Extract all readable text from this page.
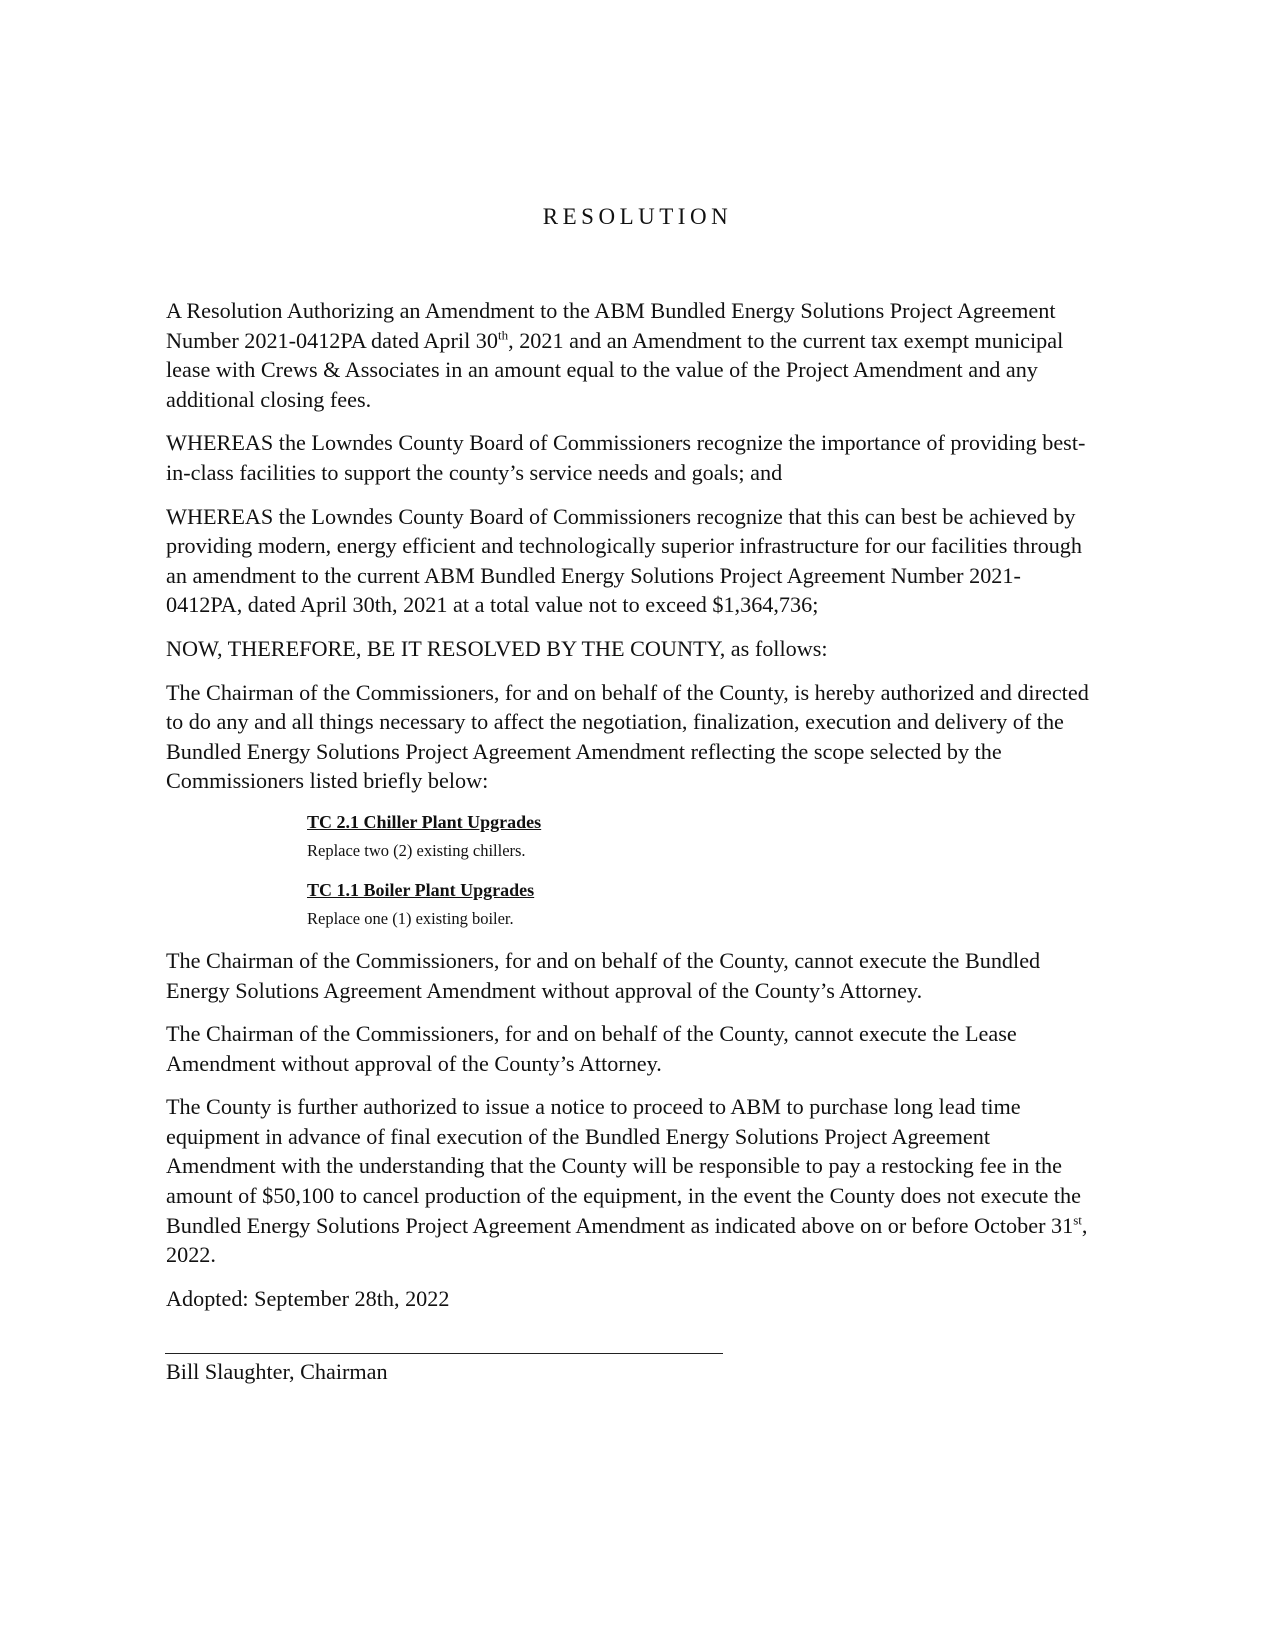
RESOLUTION

A Resolution Authorizing an Amendment to the ABM Bundled Energy Solutions Project Agreement Number 2021-0412PA dated April 30th, 2021 and an Amendment to the current tax exempt municipal lease with Crews & Associates in an amount equal to the value of the Project Amendment and any additional closing fees.

WHEREAS the Lowndes County Board of Commissioners recognize the importance of providing best-in-class facilities to support the county’s service needs and goals; and

WHEREAS the Lowndes County Board of Commissioners recognize that this can best be achieved by providing modern, energy efficient and technologically superior infrastructure for our facilities through an amendment to the current ABM Bundled Energy Solutions Project Agreement Number 2021-0412PA, dated April 30th, 2021 at a total value not to exceed $1,364,736;

NOW, THEREFORE, BE IT RESOLVED BY THE COUNTY, as follows:

The Chairman of the Commissioners, for and on behalf of the County, is hereby authorized and directed to do any and all things necessary to affect the negotiation, finalization, execution and delivery of the Bundled Energy Solutions Project Agreement Amendment reflecting the scope selected by the Commissioners listed briefly below:

TC 2.1 Chiller Plant Upgrades
Replace two (2) existing chillers.
TC 1.1 Boiler Plant Upgrades
Replace one (1) existing boiler.

The Chairman of the Commissioners, for and on behalf of the County, cannot execute the Bundled Energy Solutions Agreement Amendment without approval of the County’s Attorney.

The Chairman of the Commissioners, for and on behalf of the County, cannot execute the Lease Amendment without approval of the County’s Attorney.

The County is further authorized to issue a notice to proceed to ABM to purchase long lead time equipment in advance of final execution of the Bundled Energy Solutions Project Agreement Amendment with the understanding that the County will be responsible to pay a restocking fee in the amount of $50,100 to cancel production of the equipment, in the event the County does not execute the Bundled Energy Solutions Project Agreement Amendment as indicated above on or before October 31st, 2022.

Adopted: September 28th, 2022

Bill Slaughter, Chairman
